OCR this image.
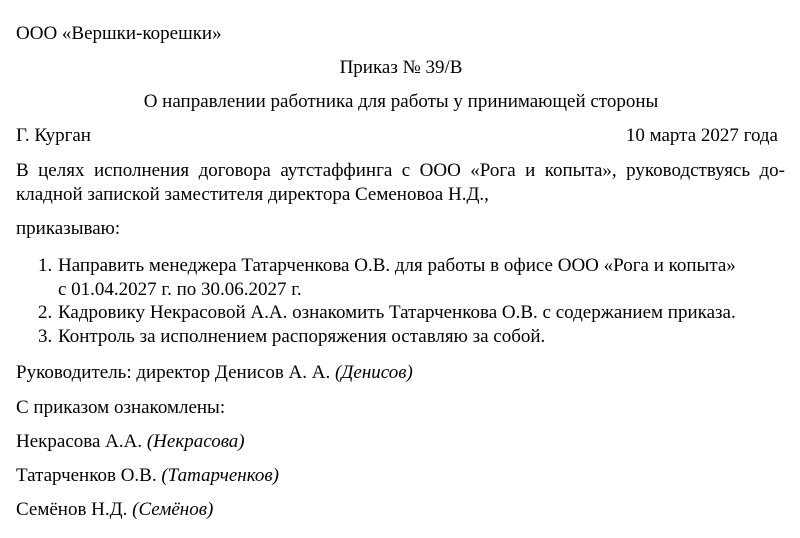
ООО «Вершки-корешки»
Приказ № 39/В
О направлении работника для работы у принимающей стороны
Г. Курган	10 марта 2027 года
В целях исполнения договора аутстаффинга с ООО «Рога и копыта», руководствуясь до-
кладной запиской заместителя директора Семеновоа Н.Д.,
приказываю:
1. Направить менеджера Татарченкова О.В. для работы в офисе ООО «Рога и копыта»
с 01.04.2027 г. по 30.06.2027 г.
2. Кадровику Некрасовой А.А. ознакомить Татарченкова О.В. с содержанием приказа.
3. Контроль за исполнением распоряжения оставляю за собой.
Руководитель: директор Денисов А. А. (Денисов)
С приказом ознакомлены:
Некрасова А.А. (Некрасова)
Татарченков О.В. (Татарченков)
Семёнов Н.Д. (Семёнов)
